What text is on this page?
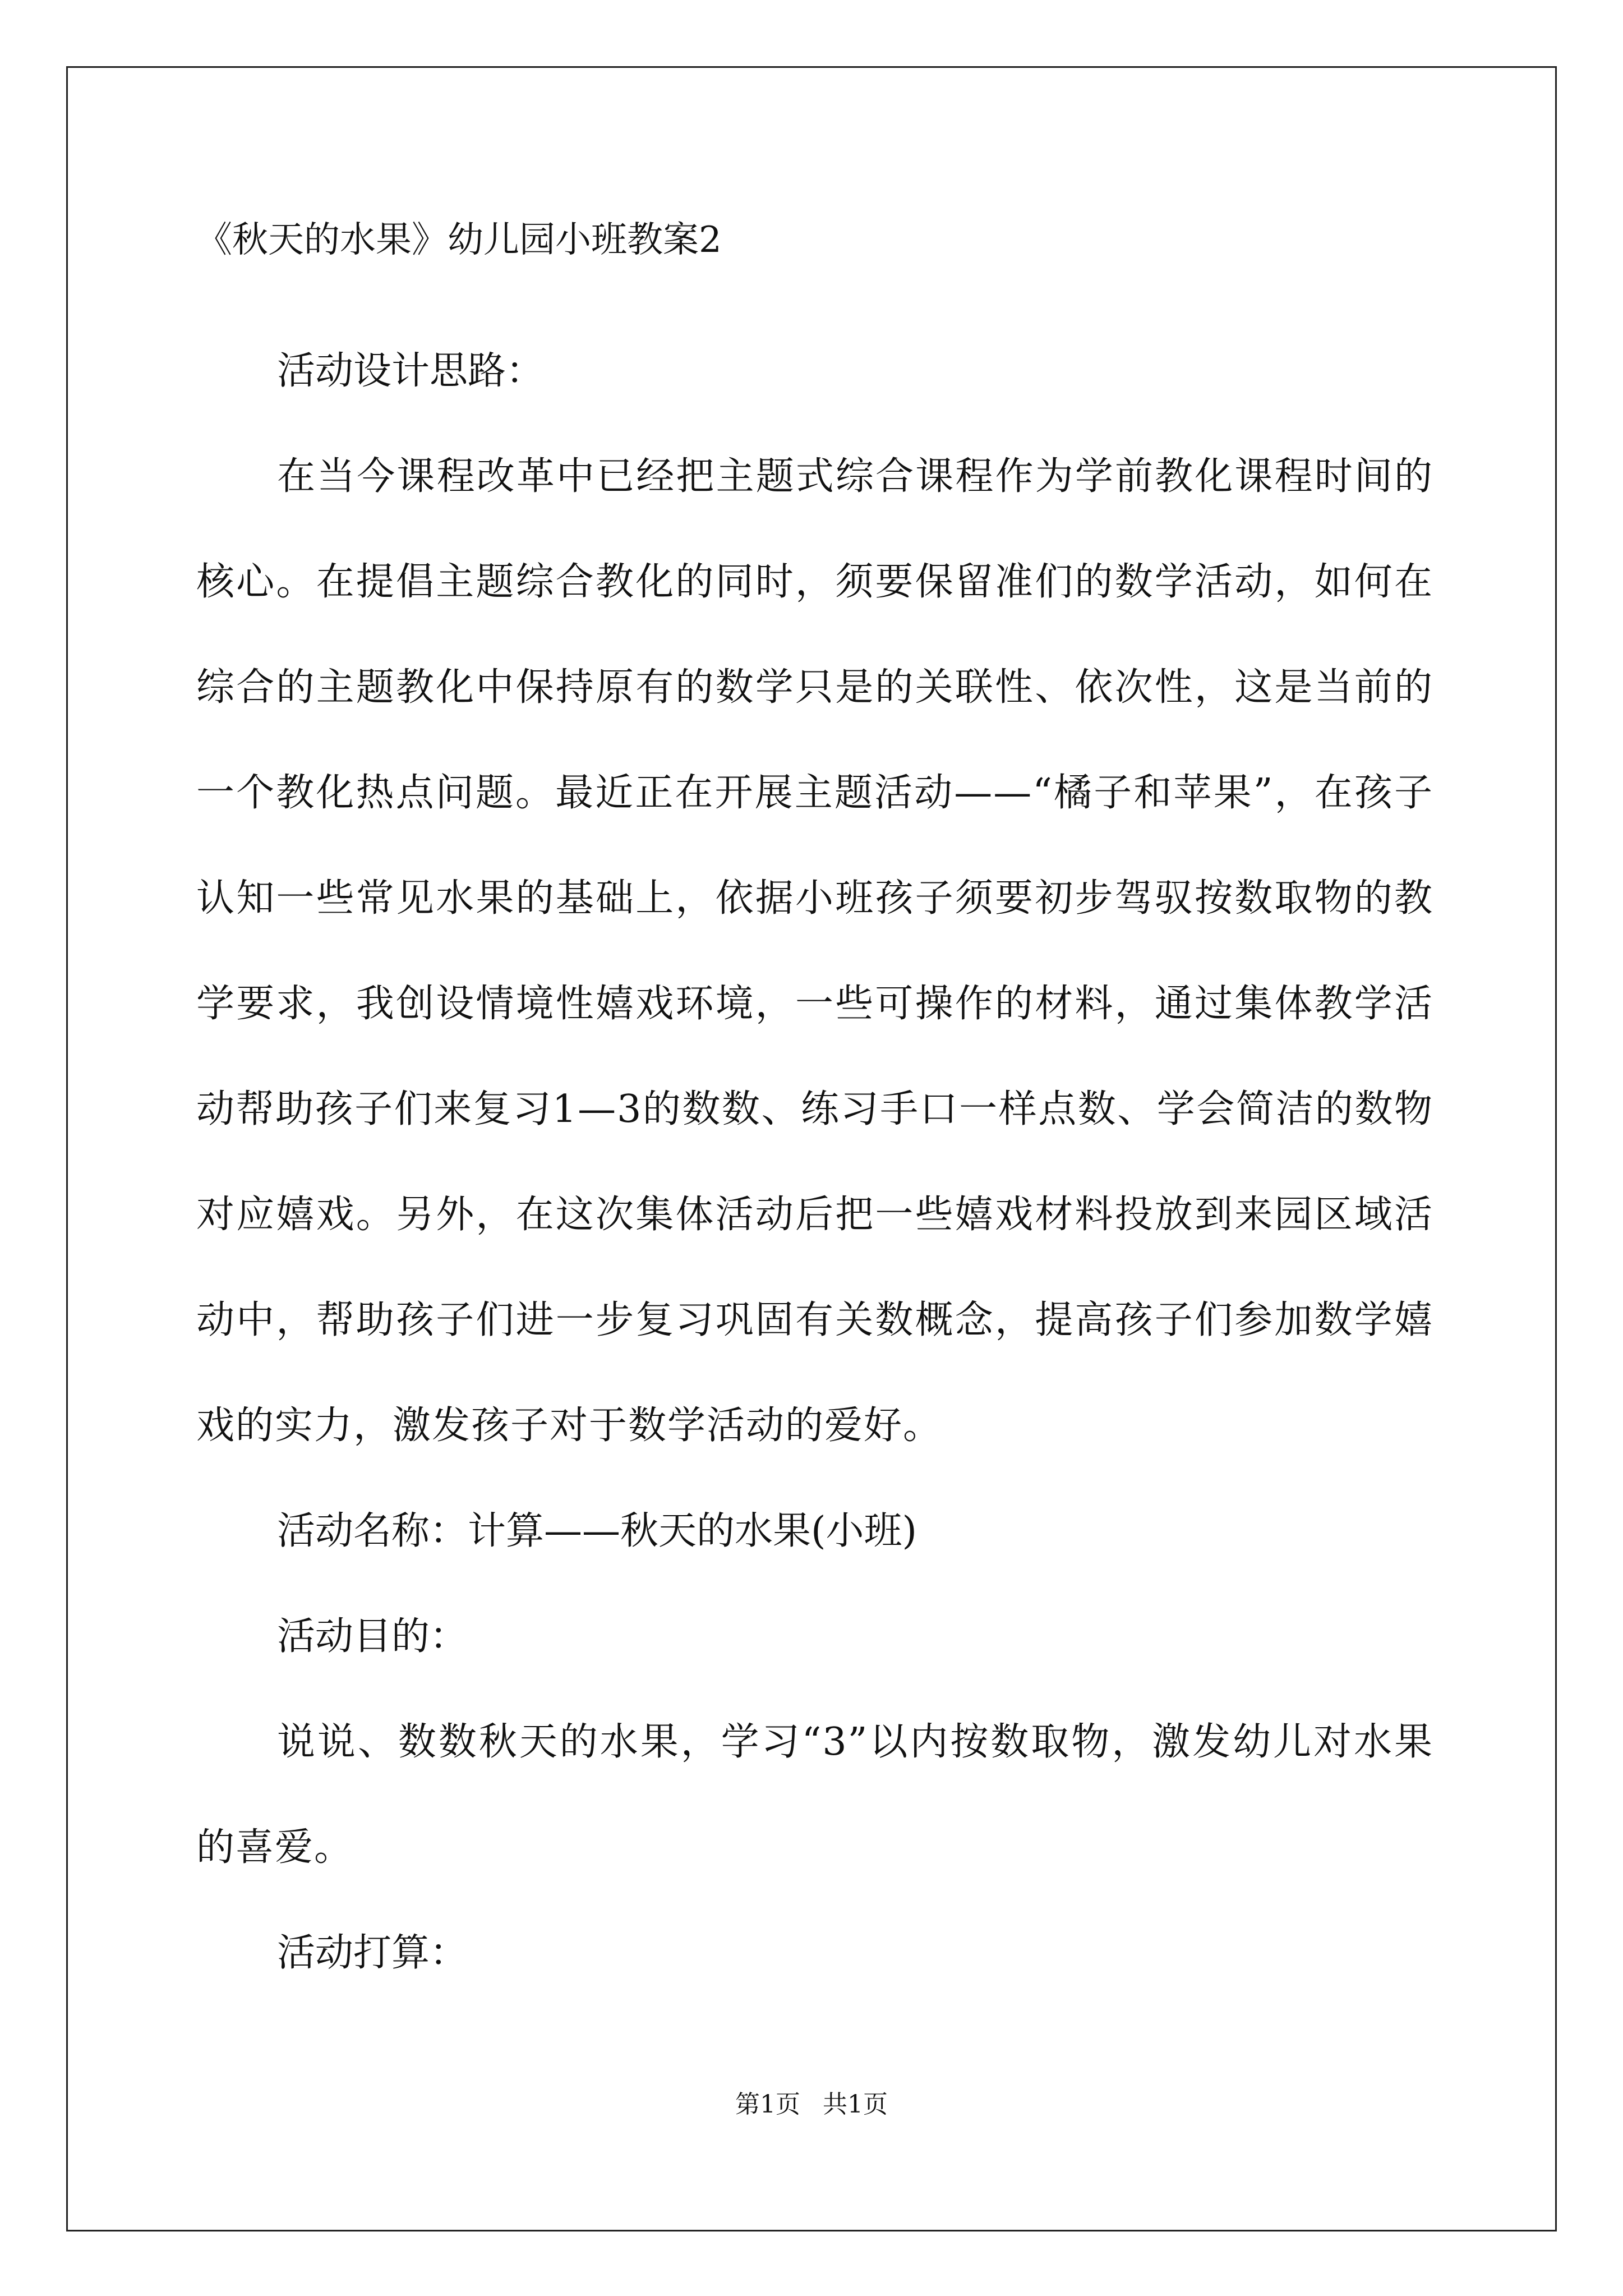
《秋天的水果》幼儿园小班教案2

活动设计思路：

在当今课程改革中已经把主题式综合课程作为学前教化课程时间的核心。在提倡主题综合教化的同时，须要保留准们的数学活动，如何在综合的主题教化中保持原有的数学只是的关联性、依次性，这是当前的一个教化热点问题。最近正在开展主题活动——“橘子和苹果”，在孩子认知一些常见水果的基础上，依据小班孩子须要初步驾驭按数取物的教学要求，我创设情境性嬉戏环境，一些可操作的材料，通过集体教学活动帮助孩子们来复习1—3的数数、练习手口一样点数、学会简洁的数物对应嬉戏。另外，在这次集体活动后把一些嬉戏材料投放到来园区域活动中，帮助孩子们进一步复习巩固有关数概念，提高孩子们参加数学嬉戏的实力，激发孩子对于数学活动的爱好。

活动名称：计算——秋天的水果(小班)

活动目的：

说说、数数秋天的水果，学习“3”以内按数取物，激发幼儿对水果的喜爱。

活动打算：

第1页 共1页
